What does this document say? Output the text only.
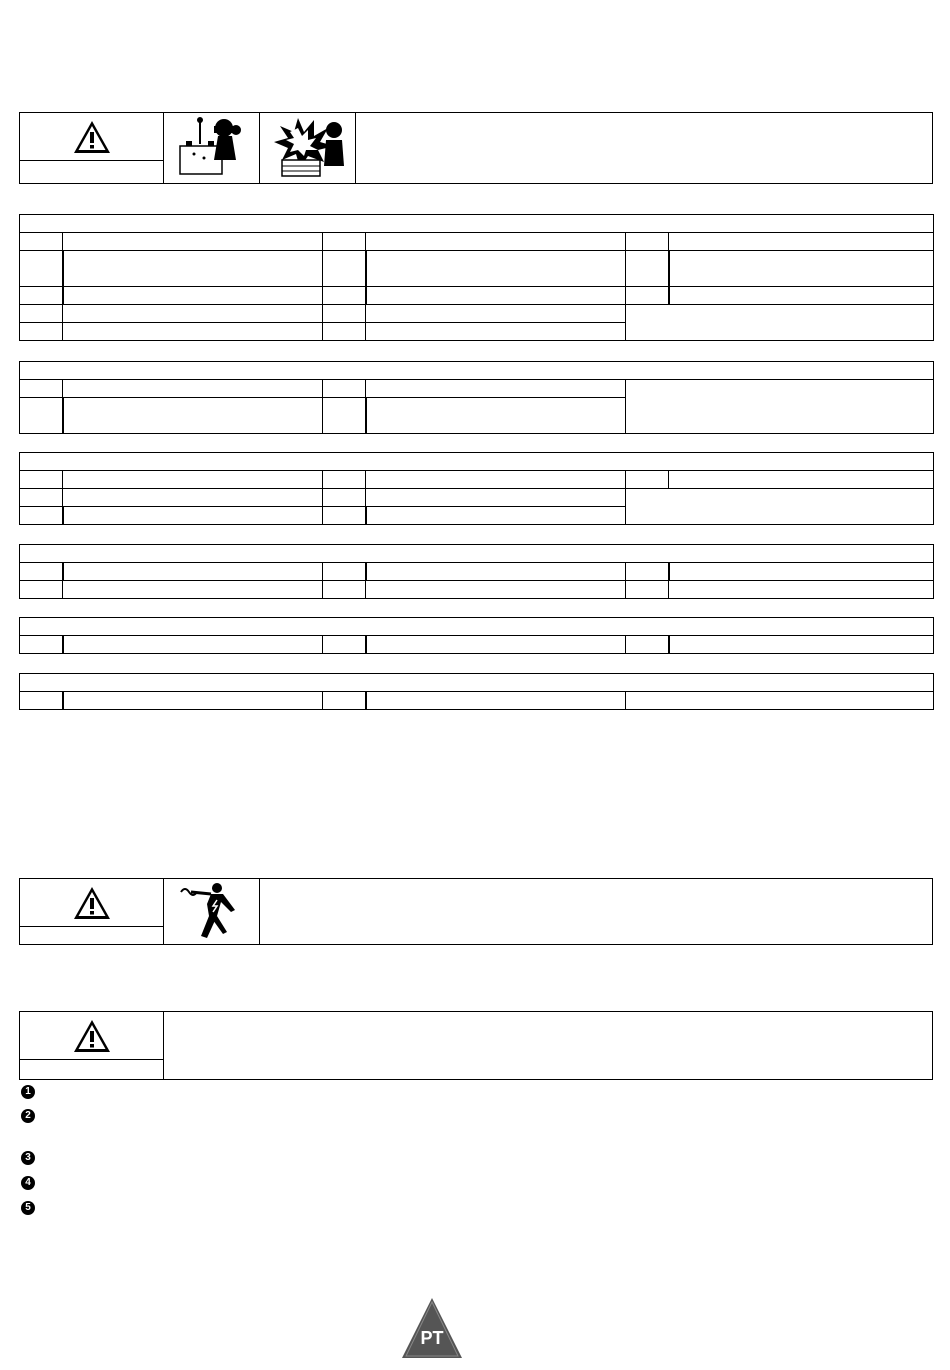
1
2
3
4
5
PT
